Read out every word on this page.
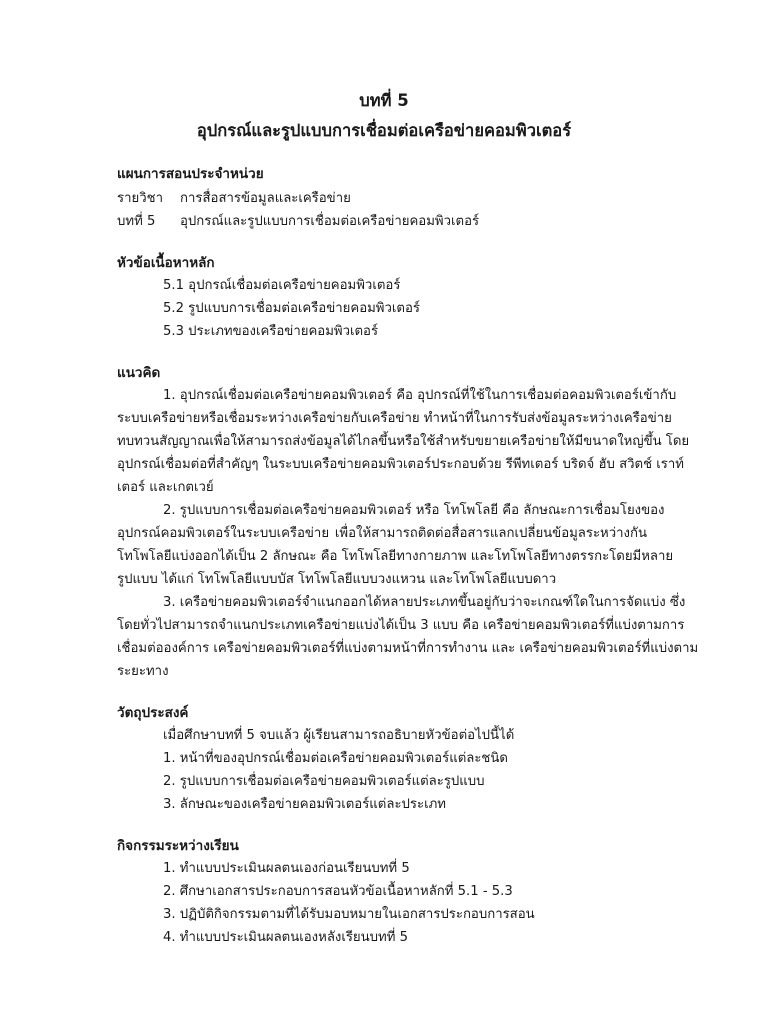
บทที่ 5
อุปกรณ์และรูปแบบการเชื่อมต่อเครือข่ายคอมพิวเตอร์
แผนการสอนประจำหน่วย
รายวิชา การสื่อสารข้อมูลและเครือข่าย
บทที่ 5 อุปกรณ์และรูปแบบการเชื่อมต่อเครือข่ายคอมพิวเตอร์
หัวข้อเนื้อหาหลัก
5.1 อุปกรณ์เชื่อมต่อเครือข่ายคอมพิวเตอร์
5.2 รูปแบบการเชื่อมต่อเครือข่ายคอมพิวเตอร์
5.3 ประเภทของเครือข่ายคอมพิวเตอร์
แนวคิด
1. อุปกรณ์เชื่อมต่อเครือข่ายคอมพิวเตอร์ คือ อุปกรณ์ที่ใช้ในการเชื่อมต่อคอมพิวเตอร์เข้ากับ
ระบบเครือข่ายหรือเชื่อมระหว่างเครือข่ายกับเครือข่าย ทำหน้าที่ในการรับส่งข้อมูลระหว่างเครือข่าย
ทบทวนสัญญาณเพื่อให้สามารถส่งข้อมูลได้ไกลขึ้นหรือใช้สำหรับขยายเครือข่ายให้มีขนาดใหญ่ขึ้น โดย
อุปกรณ์เชื่อมต่อที่สำคัญๆ ในระบบเครือข่ายคอมพิวเตอร์ประกอบด้วย รีพีทเตอร์ บริดจ์ ฮับ สวิตช์ เราท์
เตอร์ และเกตเวย์
2. รูปแบบการเชื่อมต่อเครือข่ายคอมพิวเตอร์ หรือ โทโพโลยี คือ ลักษณะการเชื่อมโยงของ
อุปกรณ์คอมพิวเตอร์ในระบบเครือข่าย เพื่อให้สามารถติดต่อสื่อสารแลกเปลี่ยนข้อมูลระหว่างกัน
โทโพโลยีแบ่งออกได้เป็น 2 ลักษณะ คือ โทโพโลยีทางกายภาพ และโทโพโลยีทางตรรกะโดยมีหลาย
รูปแบบ ได้แก่ โทโพโลยีแบบบัส โทโพโลยีแบบวงแหวน และโทโพโลยีแบบดาว
3. เครือข่ายคอมพิวเตอร์จำแนกออกได้หลายประเภทขึ้นอยู่กับว่าจะเกณฑ์ใดในการจัดแบ่ง ซึ่ง
โดยทั่วไปสามารถจำแนกประเภทเครือข่ายแบ่งได้เป็น 3 แบบ คือ เครือข่ายคอมพิวเตอร์ที่แบ่งตามการ
เชื่อมต่อองค์การ เครือข่ายคอมพิวเตอร์ที่แบ่งตามหน้าที่การทำงาน และ เครือข่ายคอมพิวเตอร์ที่แบ่งตาม
ระยะทาง
วัตถุประสงค์
เมื่อศึกษาบทที่ 5 จบแล้ว ผู้เรียนสามารถอธิบายหัวข้อต่อไปนี้ได้
1. หน้าที่ของอุปกรณ์เชื่อมต่อเครือข่ายคอมพิวเตอร์แต่ละชนิด
2. รูปแบบการเชื่อมต่อเครือข่ายคอมพิวเตอร์แต่ละรูปแบบ
3. ลักษณะของเครือข่ายคอมพิวเตอร์แต่ละประเภท
กิจกรรมระหว่างเรียน
1. ทำแบบประเมินผลตนเองก่อนเรียนบทที่ 5
2. ศึกษาเอกสารประกอบการสอนหัวข้อเนื้อหาหลักที่ 5.1 - 5.3
3. ปฏิบัติกิจกรรมตามที่ได้รับมอบหมายในเอกสารประกอบการสอน
4. ทำแบบประเมินผลตนเองหลังเรียนบทที่ 5
